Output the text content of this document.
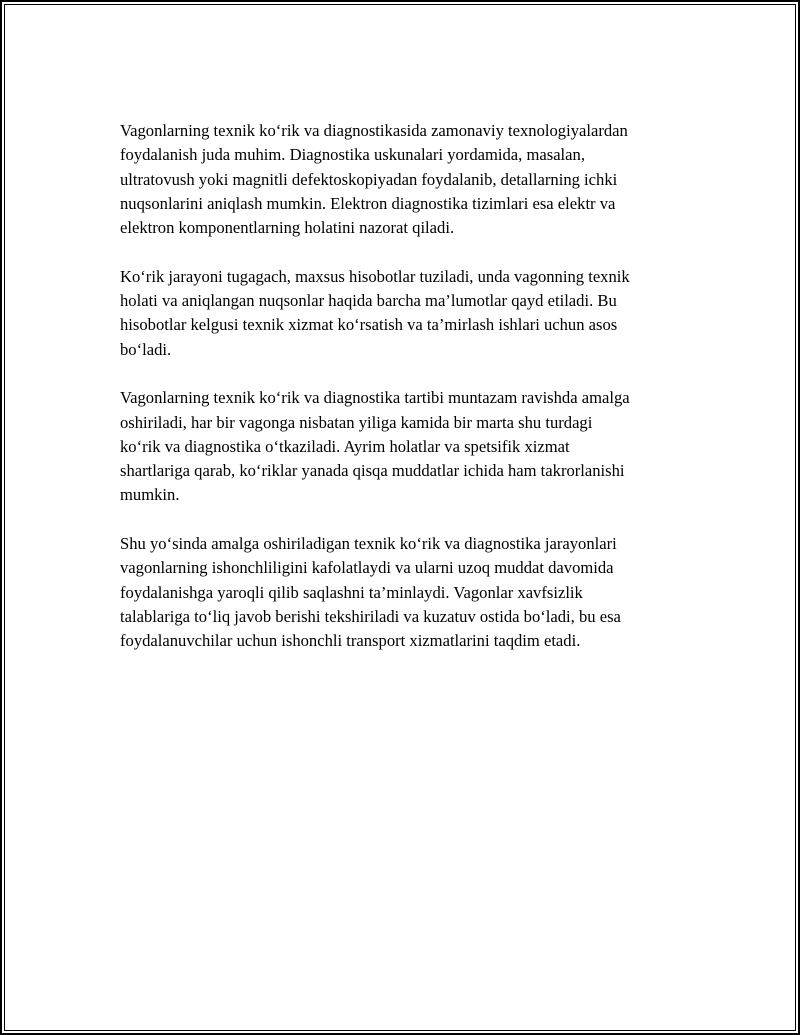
Vagonlarning texnik ko‘rik va diagnostikasida zamonaviy texnologiyalardan
foydalanish juda muhim. Diagnostika uskunalari yordamida, masalan,
ultratovush yoki magnitli defektoskopiyadan foydalanib, detallarning ichki
nuqsonlarini aniqlash mumkin. Elektron diagnostika tizimlari esa elektr va
elektron komponentlarning holatini nazorat qiladi.

Ko‘rik jarayoni tugagach, maxsus hisobotlar tuziladi, unda vagonning texnik
holati va aniqlangan nuqsonlar haqida barcha ma’lumotlar qayd etiladi. Bu
hisobotlar kelgusi texnik xizmat ko‘rsatish va ta’mirlash ishlari uchun asos
bo‘ladi.

Vagonlarning texnik ko‘rik va diagnostika tartibi muntazam ravishda amalga
oshiriladi, har bir vagonga nisbatan yiliga kamida bir marta shu turdagi
ko‘rik va diagnostika o‘tkaziladi. Ayrim holatlar va spetsifik xizmat
shartlariga qarab, ko‘riklar yanada qisqa muddatlar ichida ham takrorlanishi
mumkin.

Shu yo‘sinda amalga oshiriladigan texnik ko‘rik va diagnostika jarayonlari
vagonlarning ishonchliligini kafolatlaydi va ularni uzoq muddat davomida
foydalanishga yaroqli qilib saqlashni ta’minlaydi. Vagonlar xavfsizlik
talablariga to‘liq javob berishi tekshiriladi va kuzatuv ostida bo‘ladi, bu esa
foydalanuvchilar uchun ishonchli transport xizmatlarini taqdim etadi.
